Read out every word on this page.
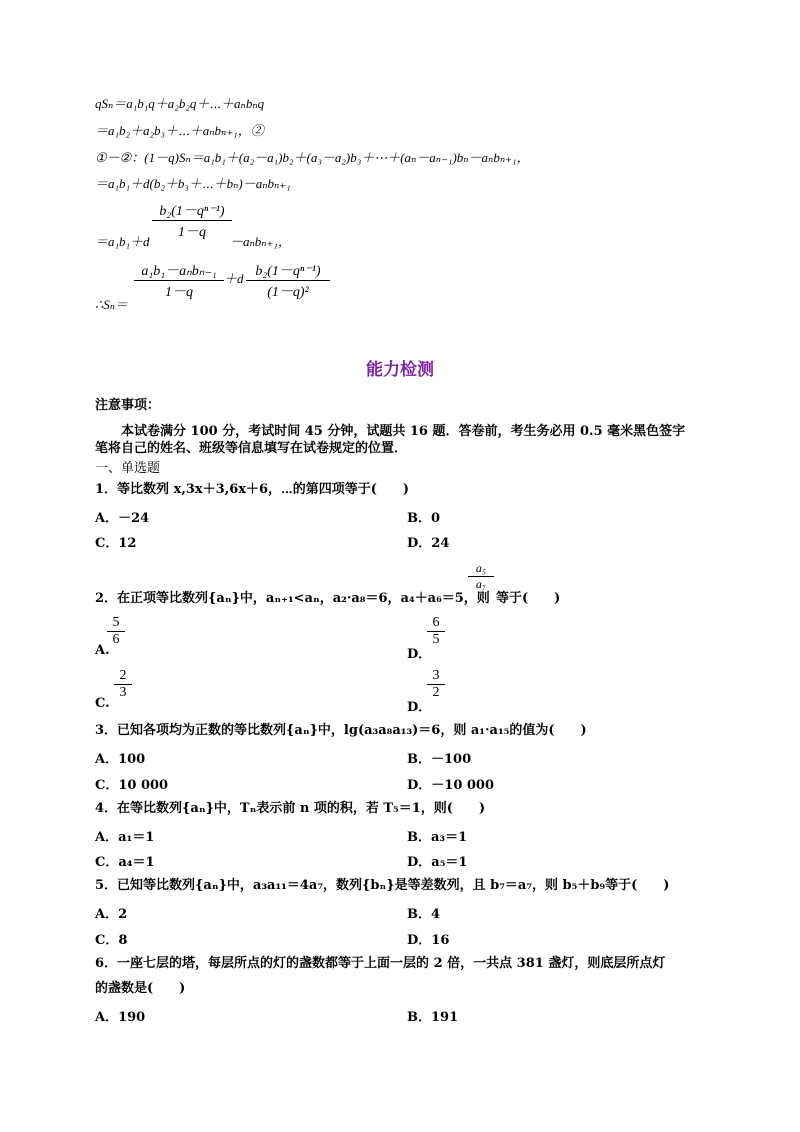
qSₙ＝a₁b₁q＋a₂b₂q＋⋯＋aₙbₙq
＝a₁b₂＋a₂b₃＋⋯＋aₙbₙ₊₁，②
①－②：(1－q)Sₙ＝a₁b₁＋(a₂－a₁)b₂＋(a₃－a₂)b₃＋⋯＋(aₙ－aₙ₋₁)bₙ－aₙbₙ₊₁，
＝a₁b₁＋d(b₂＋b₃＋⋯＋bₙ)－aₙbₙ₊₁
＝a₁b₁＋d
b₂(1－qⁿ⁻¹)
1－q
－aₙbₙ₊₁，
∴Sₙ＝
a₁b₁－aₙbₙ₋₁
1－q
＋d b₂(1－qⁿ⁻¹)
(1－q)²
能力检测
注意事项：
本试卷满分 100 分，考试时间 45 分钟，试题共 16 题．答卷前，考生务必用 0.5 毫米黑色签字
笔将自己的姓名、班级等信息填写在试卷规定的位置．
一、单选题
1．等比数列 x,3x＋3,6x＋6，⋯的第四项等于(　　)
A．－24	B．0
C．12	D．24
2．在正项等比数列{aₙ}中，aₙ₊₁<aₙ，a₂·a₈＝6，a₄＋a₆＝5，则
a₅
a₇
等于(　　)
A.
5
6
D．
6
5
C.
2
3
D．
3
2
3．已知各项均为正数的等比数列{aₙ}中，lg(a₃a₈a₁₃)＝6，则 a₁·a₁₅的值为(　　)
A．100	B．－100
C．10 000	D．－10 000
4．在等比数列{aₙ}中，Tₙ表示前 n 项的积，若 T₅＝1，则(　　)
A．a₁＝1	B．a₃＝1
C．a₄＝1	D．a₅＝1
5．已知等比数列{aₙ}中，a₃a₁₁＝4a₇，数列{bₙ}是等差数列，且 b₇＝a₇，则 b₅＋b₉等于(　　)
A．2	B．4
C．8	D．16
6．一座七层的塔，每层所点的灯的盏数都等于上面一层的 2 倍，一共点 381 盏灯，则底层所点灯
的盏数是(　　)
A．190	B．191
